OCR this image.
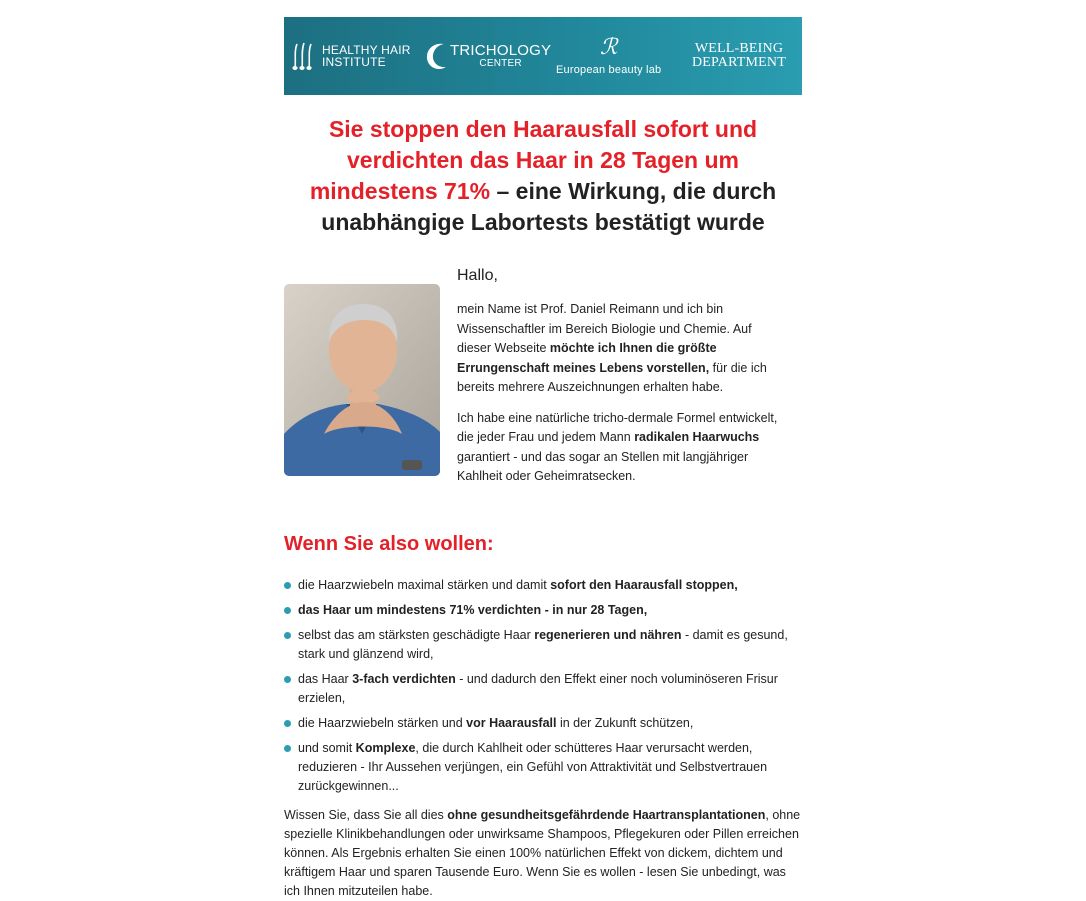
HEALTHY HAIR
INSTITUTE
TRICHOLOGY
CENTER
ℛ
European beauty lab
WELL-BEING
DEPARTMENT
Sie stoppen den Haarausfall sofort und verdichten das Haar in 28 Tagen um mindestens 71% – eine Wirkung, die durch unabhängige Labortests bestätigt wurde
Hallo,

mein Name ist Prof. Daniel Reimann und ich bin Wissenschaftler im Bereich Biologie und Chemie. Auf dieser Webseite möchte ich Ihnen die größte Errungenschaft meines Lebens vorstellen, für die ich bereits mehrere Auszeichnungen erhalten habe.

Ich habe eine natürliche tricho-dermale Formel entwickelt, die jeder Frau und jedem Mann radikalen Haarwuchs garantiert - und das sogar an Stellen mit langjähriger Kahlheit oder Geheimratsecken.

Wenn Sie also wollen:
die Haarzwiebeln maximal stärken und damit sofort den Haarausfall stoppen,
das Haar um mindestens 71% verdichten - in nur 28 Tagen,
selbst das am stärksten geschädigte Haar regenerieren und nähren - damit es gesund, stark und glänzend wird,
das Haar 3-fach verdichten - und dadurch den Effekt einer noch voluminöseren Frisur erzielen,
die Haarzwiebeln stärken und vor Haarausfall in der Zukunft schützen,
und somit Komplexe, die durch Kahlheit oder schütteres Haar verursacht werden, reduzieren - Ihr Aussehen verjüngen, ein Gefühl von Attraktivität und Selbstvertrauen zurückgewinnen...

Wissen Sie, dass Sie all dies ohne gesundheitsgefährdende Haartransplantationen, ohne spezielle Klinikbehandlungen oder unwirksame Shampoos, Pflegekuren oder Pillen erreichen können. Als Ergebnis erhalten Sie einen 100% natürlichen Effekt von dickem, dichtem und kräftigem Haar und sparen Tausende Euro. Wenn Sie es wollen - lesen Sie unbedingt, was ich Ihnen mitzuteilen habe.
